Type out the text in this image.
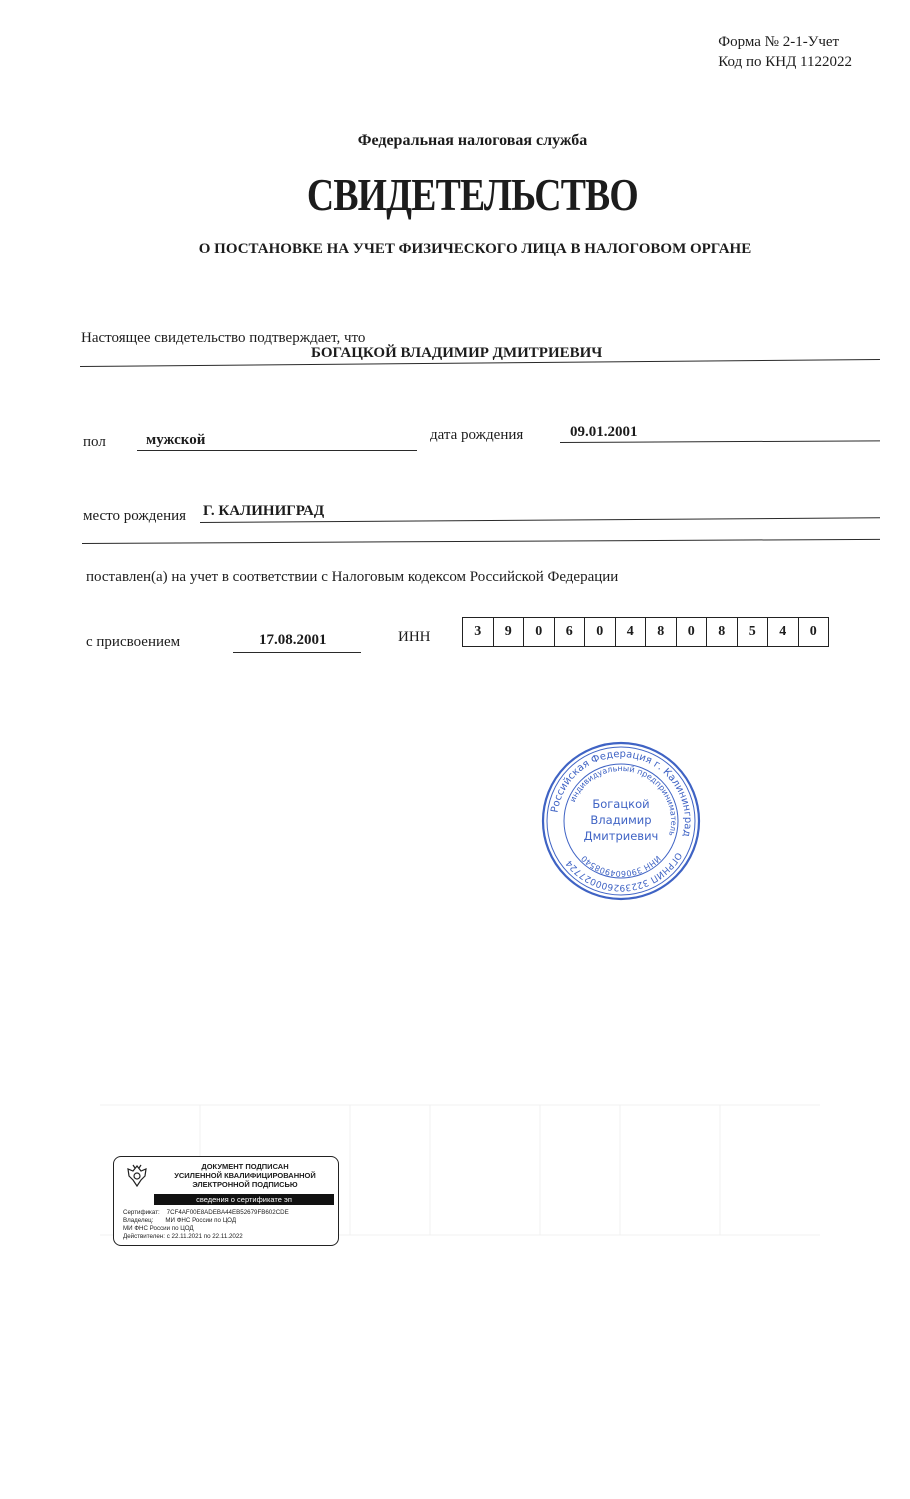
Форма № 2-1-Учет
Код по КНД 1122022
Федеральная налоговая служба
СВИДЕТЕЛЬСТВО
О ПОСТАНОВКЕ НА УЧЕТ ФИЗИЧЕСКОГО ЛИЦА В НАЛОГОВОМ ОРГАНЕ
Настоящее свидетельство подтверждает, что
БОГАЦКОЙ ВЛАДИМИР ДМИТРИЕВИЧ
пол	мужской	дата рождения	09.01.2001
место рождения Г. КАЛИНИГРАД
поставлен(а) на учет в соответствии с Налоговым кодексом Российской Федерации
с присвоением	17.08.2001	ИНН	3	9	0	6	0	4	8	0	8	5	4	0
Российская Федерация г. Калининград
индивидуальный предприниматель
ИНН 390604908540	ОГРНИП 322392600027724
Богацкой
Владимир
Дмитриевич
ДОКУМЕНТ ПОДПИСАН
УСИЛЕННОЙ КВАЛИФИЦИРОВАННОЙ
ЭЛЕКТРОННОЙ ПОДПИСЬЮ
сведения о сертификате эп
Сертификат: 7CF4AF00E8ADEBA44EB52679FB602CDE
Владелец: МИ ФНС России по ЦОД
МИ ФНС России по ЦОД
Действителен: с 22.11.2021 по 22.11.2022
